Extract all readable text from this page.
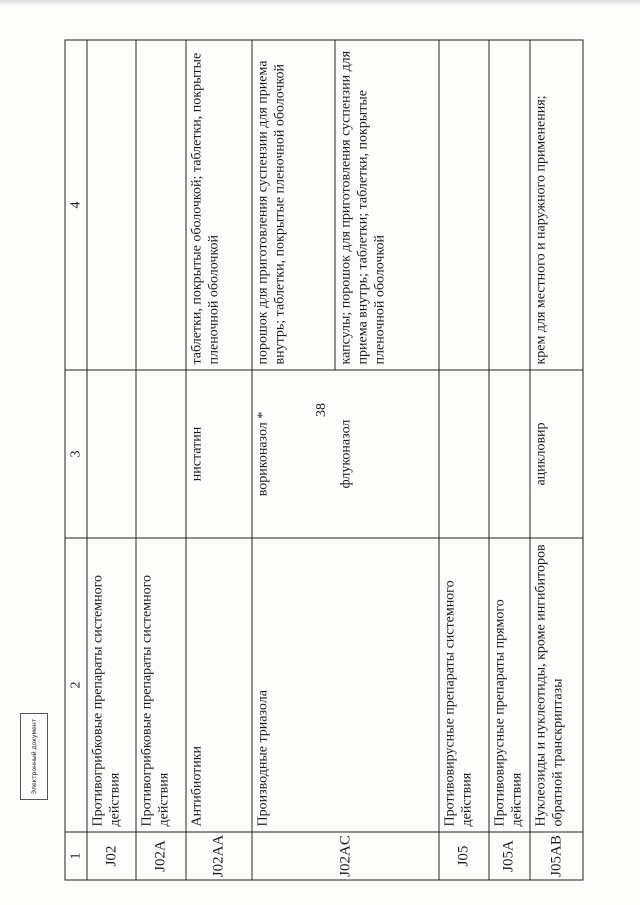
38
1	2	3	4
J02	Противогрибковые препараты системного действия		
J02A	Противогрибковые препараты системного действия		
J02AA	Антибиотики	нистатин	таблетки, покрытые оболочкой; таблетки, покрытые пленочной оболочкой
J02AC	Производные триазола	вориконазол *	порошок для приготовления суспензии для приема внутрь; таблетки, покрытые пленочной оболочкой
		флуконазол	капсулы; порошок для приготовления суспензии для приема внутрь; таблетки; таблетки, покрытые пленочной оболочкой
J05	Противовирусные препараты системного действия		
J05A	Противовирусные препараты прямого действия		
J05AB	Нуклеозиды и нуклеотиды, кроме ингибиторов обратной транскриптазы	ацикловир	крем для местного и наружного применения;
Электронный документ
